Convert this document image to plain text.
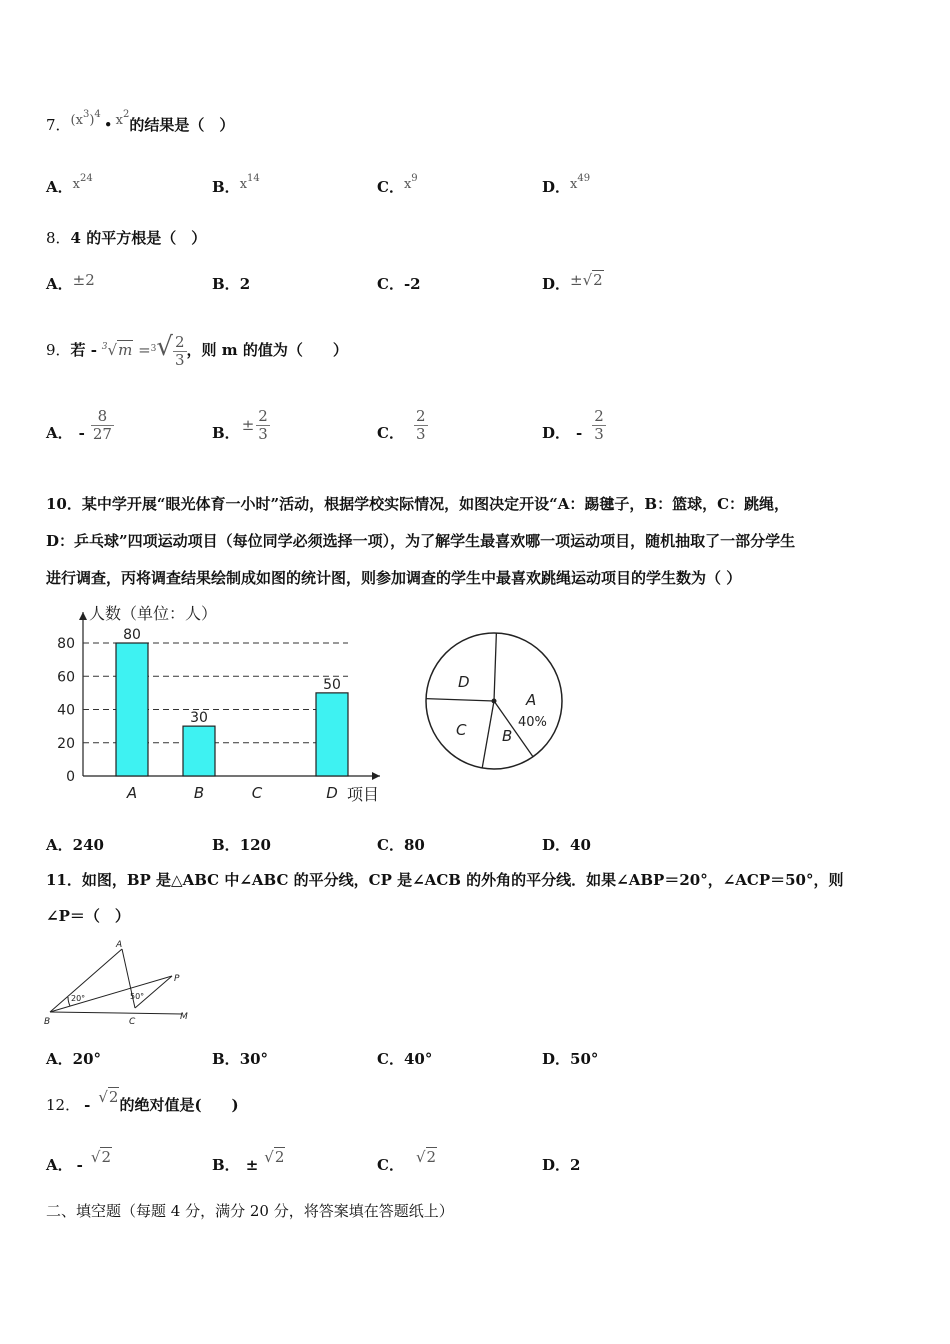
7．$(x^3)^4•$ $x^2$的结果是（　）
A．$x^{24}$	B．$x^{14}$	C．$x^9$	D．$x^{49}$
8．4 的平方根是（　）
A．±2	B．2	C．-2	D．±√2
9．若 - $^3√m =^3√ \frac{2}{3}$ ，则 m 的值为（　　）
A． - $\frac{8}{27}$	B． ± $\frac{2}{3}$	C． $\frac{2}{3}$	D． - $\frac{2}{3}$
10．某中学开展“眼光体育一小时”活动，根据学校实际情况，如图决定开设“A：踢毽子，B：篮球，C：跳绳，
D：乒乓球”四项运动项目（每位同学必须选择一项），为了解学生最喜欢哪一项运动项目，随机抽取了一部分学生
进行调查，丙将调查结果绘制成如图的统计图，则参加调查的学生中最喜欢跳绳运动项目的学生数为（ ）
人数（单位：人）
0
20
40
60
80
80
A
30
B	C
50
D 项目
A
B
C
D
40%
A．240	B．120	C．80	D．40
11．如图，BP 是△ABC 中∠ABC 的平分线，CP 是∠ACB 的外角的平分线．如果∠ABP＝20°，∠ACP＝50°，则
∠P＝（　）
A
B	C
P
M
20°	50°
A．20°	B．30°	C．40°	D．50°
12． - √2的绝对值是(　　)
A． - √2	B． ± √2	C． √2	D．2
二、填空题（每题 4 分，满分 20 分，将答案填在答题纸上）
